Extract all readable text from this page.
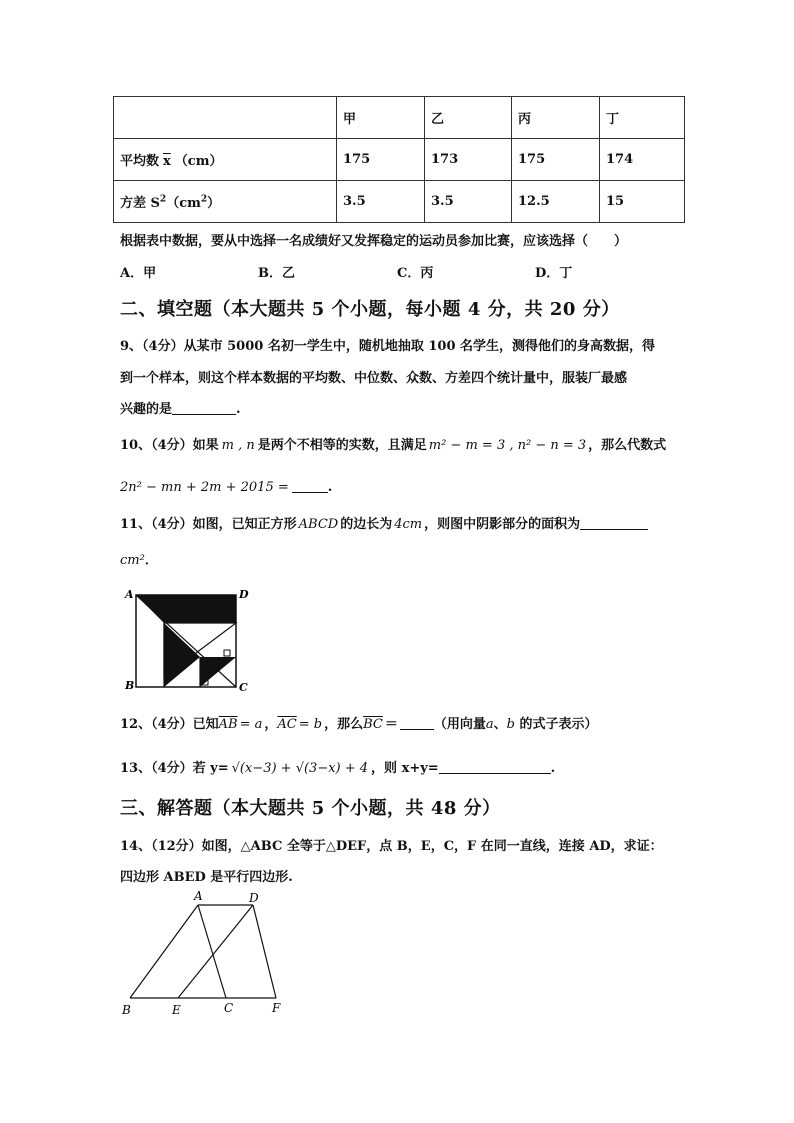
	甲	乙	丙	丁
平均数 $\overline{x}$ （cm）	175	173	175	174
方差 $S^2(cm^2)$	3.5	3.5	12.5	15
根据表中数据，要从中选择一名成绩好又发挥稳定的运动员参加比赛，应该选择（　　）
A．甲	B．乙	C．丙	D．丁
二、填空题（本大题共 5 个小题，每小题 4 分，共 20 分）
9、（4分）从某市 5000 名初一学生中，随机地抽取 100 名学生，测得他们的身高数据，得
到一个样本，则这个样本数据的平均数、中位数、众数、方差四个统计量中，服装厂最感
兴趣的是	.
10、（4分）如果 m , n 是两个不相等的实数，且满足 m² − m = 3 , n² − n = 3 ，那么代数式
2n² − mn + 2m + 2015 =	.
11、（4分）如图，已知正方形 ABCD 的边长为 4cm ，则图中阴影部分的面积为
cm²．
A	D
B	C
12、（4分）已知$\overline{AB} = a$ ，$\overline{AC} = b$ ，那么$\overline{BC}$ ＝	（用向量a、b 的式子表示）
13、（4分）若 y= √(x−3) + √(3−x) + 4 ，则 x+y=	.
三、解答题（本大题共 5 个小题，共 48 分）
14、（12分）如图，△ABC 全等于△DEF，点 B，E，C，F 在同一直线，连接 AD，求证：
四边形 ABED 是平行四边形.
A	D
B	E	C	F
